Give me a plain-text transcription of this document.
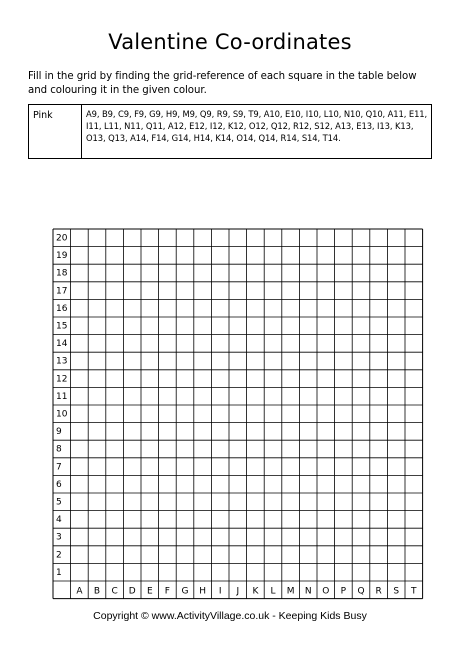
Valentine Co-ordinates
Fill in the grid by finding the grid-reference of each square in the table below and colouring it in the given colour.
Pink	A9, B9, C9, F9, G9, H9, M9, Q9, R9, S9, T9, A10, E10, I10, L10, N10, Q10, A11, E11, I11, L11, N11, Q11, A12, E12, I12, K12, O12, Q12, R12, S12, A13, E13, I13, K13, O13, Q13, A14, F14, G14, H14, K14, O14, Q14, R14, S14, T14.
1
2
3
4
5
6
7
8
9
10
11
12
13
14
15
16
17
18
19
20
A B C D E F G H I J K L M N O P Q R S T
Copyright © www.ActivityVillage.co.uk - Keeping Kids Busy
